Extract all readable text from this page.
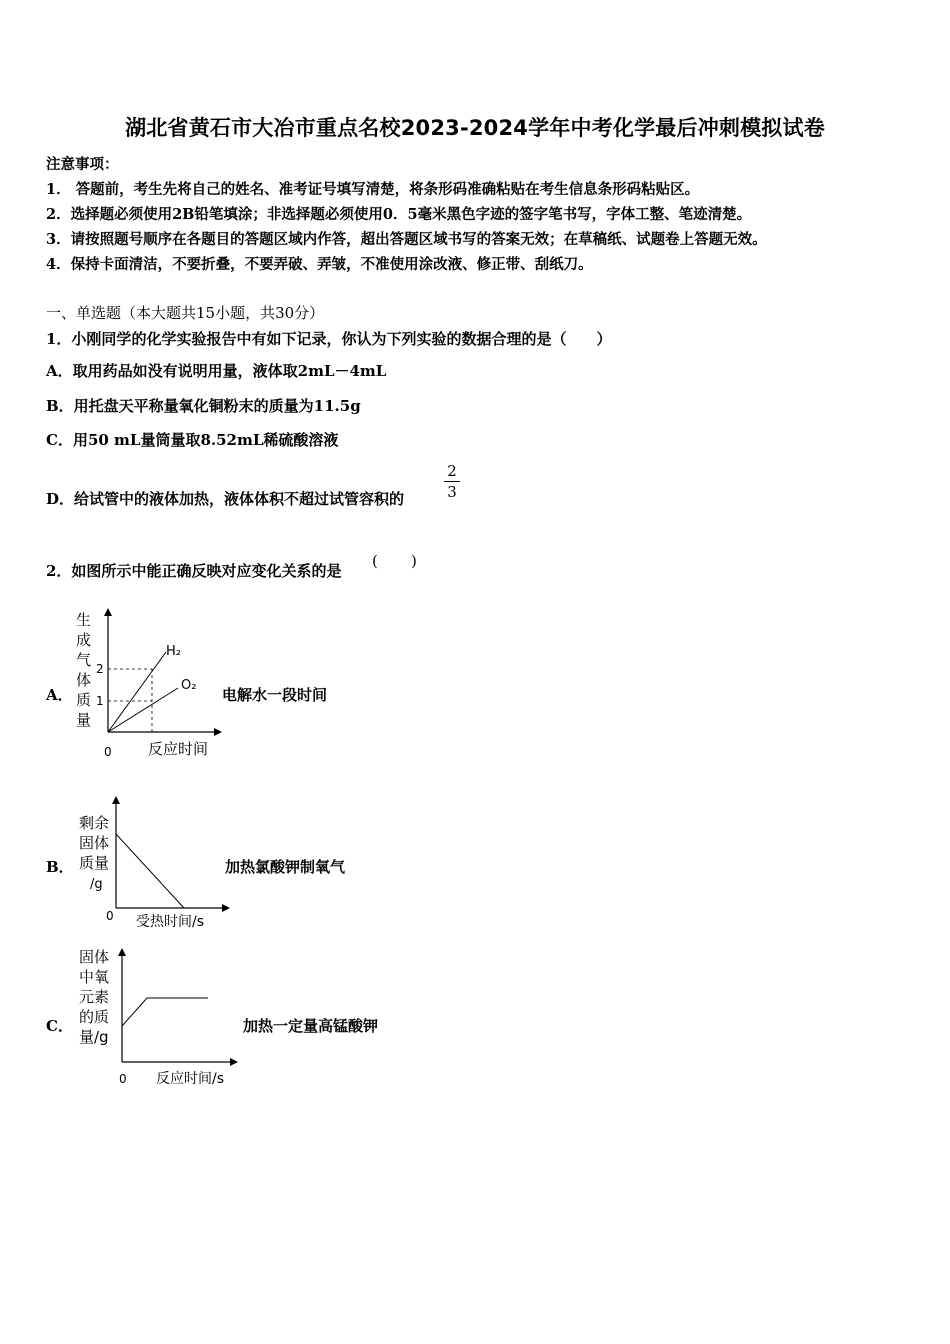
湖北省黄石市大冶市重点名校2023-2024学年中考化学最后冲刺模拟试卷
注意事项：
1． 答题前，考生先将自己的姓名、准考证号填写清楚，将条形码准确粘贴在考生信息条形码粘贴区。
2．选择题必须使用2B铅笔填涂；非选择题必须使用0．5毫米黑色字迹的签字笔书写，字体工整、笔迹清楚。
3．请按照题号顺序在各题目的答题区域内作答，超出答题区域书写的答案无效；在草稿纸、试题卷上答题无效。
4．保持卡面清洁，不要折叠，不要弄破、弄皱，不准使用涂改液、修正带、刮纸刀。
一、单选题（本大题共15小题，共30分）
1．小刚同学的化学实验报告中有如下记录，你认为下列实验的数据合理的是（　　）
A．取用药品如没有说明用量，液体取2mL－4mL
B．用托盘天平称量氧化铜粉末的质量为11.5g
C．用50 mL量筒量取8.52mL稀硫酸溶液
D．给试管中的液体加热，液体体积不超过试管容积的
2
3
2．如图所示中能正确反映对应变化关系的是
( )
A．	电解水一段时间
生
成
气
体
质
量
2
1
0 反应时间
H₂
O₂
B．	加热氯酸钾制氧气
剩余
固体
质量
/g
0 受热时间/s
C．	加热一定量高锰酸钾
固体
中氧
元素
的质
量/g
0 反应时间/s
